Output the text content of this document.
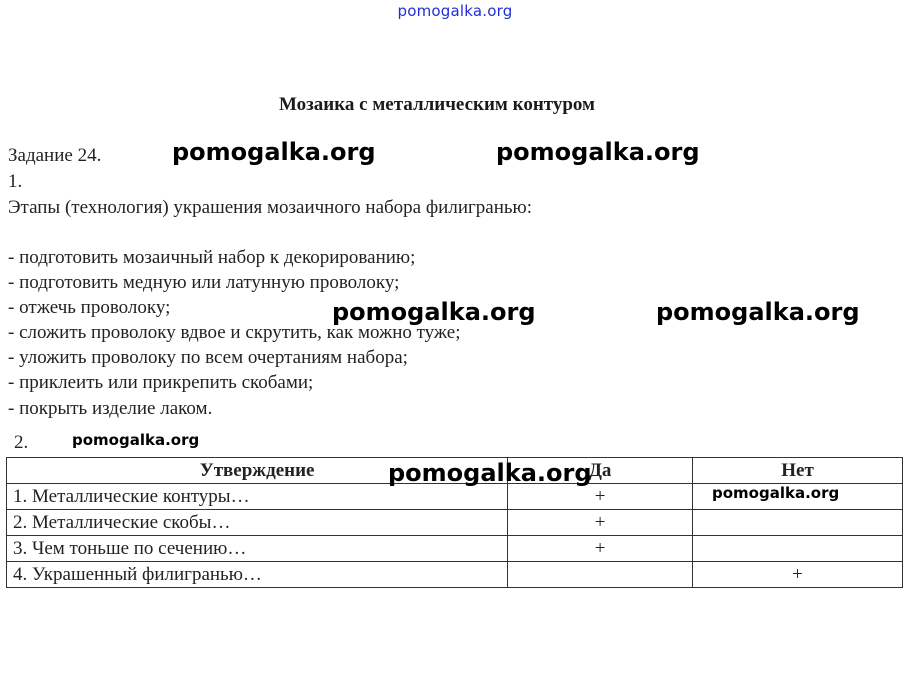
pomogalka.org
Мозаика с металлическим контуром
Задание 24.
1.
Этапы (технология) украшения мозаичного набора филигранью:
- подготовить мозаичный набор к декорированию;
- подготовить медную или латунную проволоку;
- отжечь проволоку;
- сложить проволоку вдвое и скрутить, как можно туже;
- уложить проволоку по всем очертаниям набора;
- приклеить или прикрепить скобами;
- покрыть изделие лаком.
2.
pomogalka.org	pomogalka.org
pomogalka.org	pomogalka.org
pomogalka.org
Утверждение	Да	Нет
1. Металлические контуры…	+	
2. Металлические скобы…	+	
3. Чем тоньше по сечению…	+	
4. Украшенный филигранью…		+
pomogalka.org
pomogalka.org
